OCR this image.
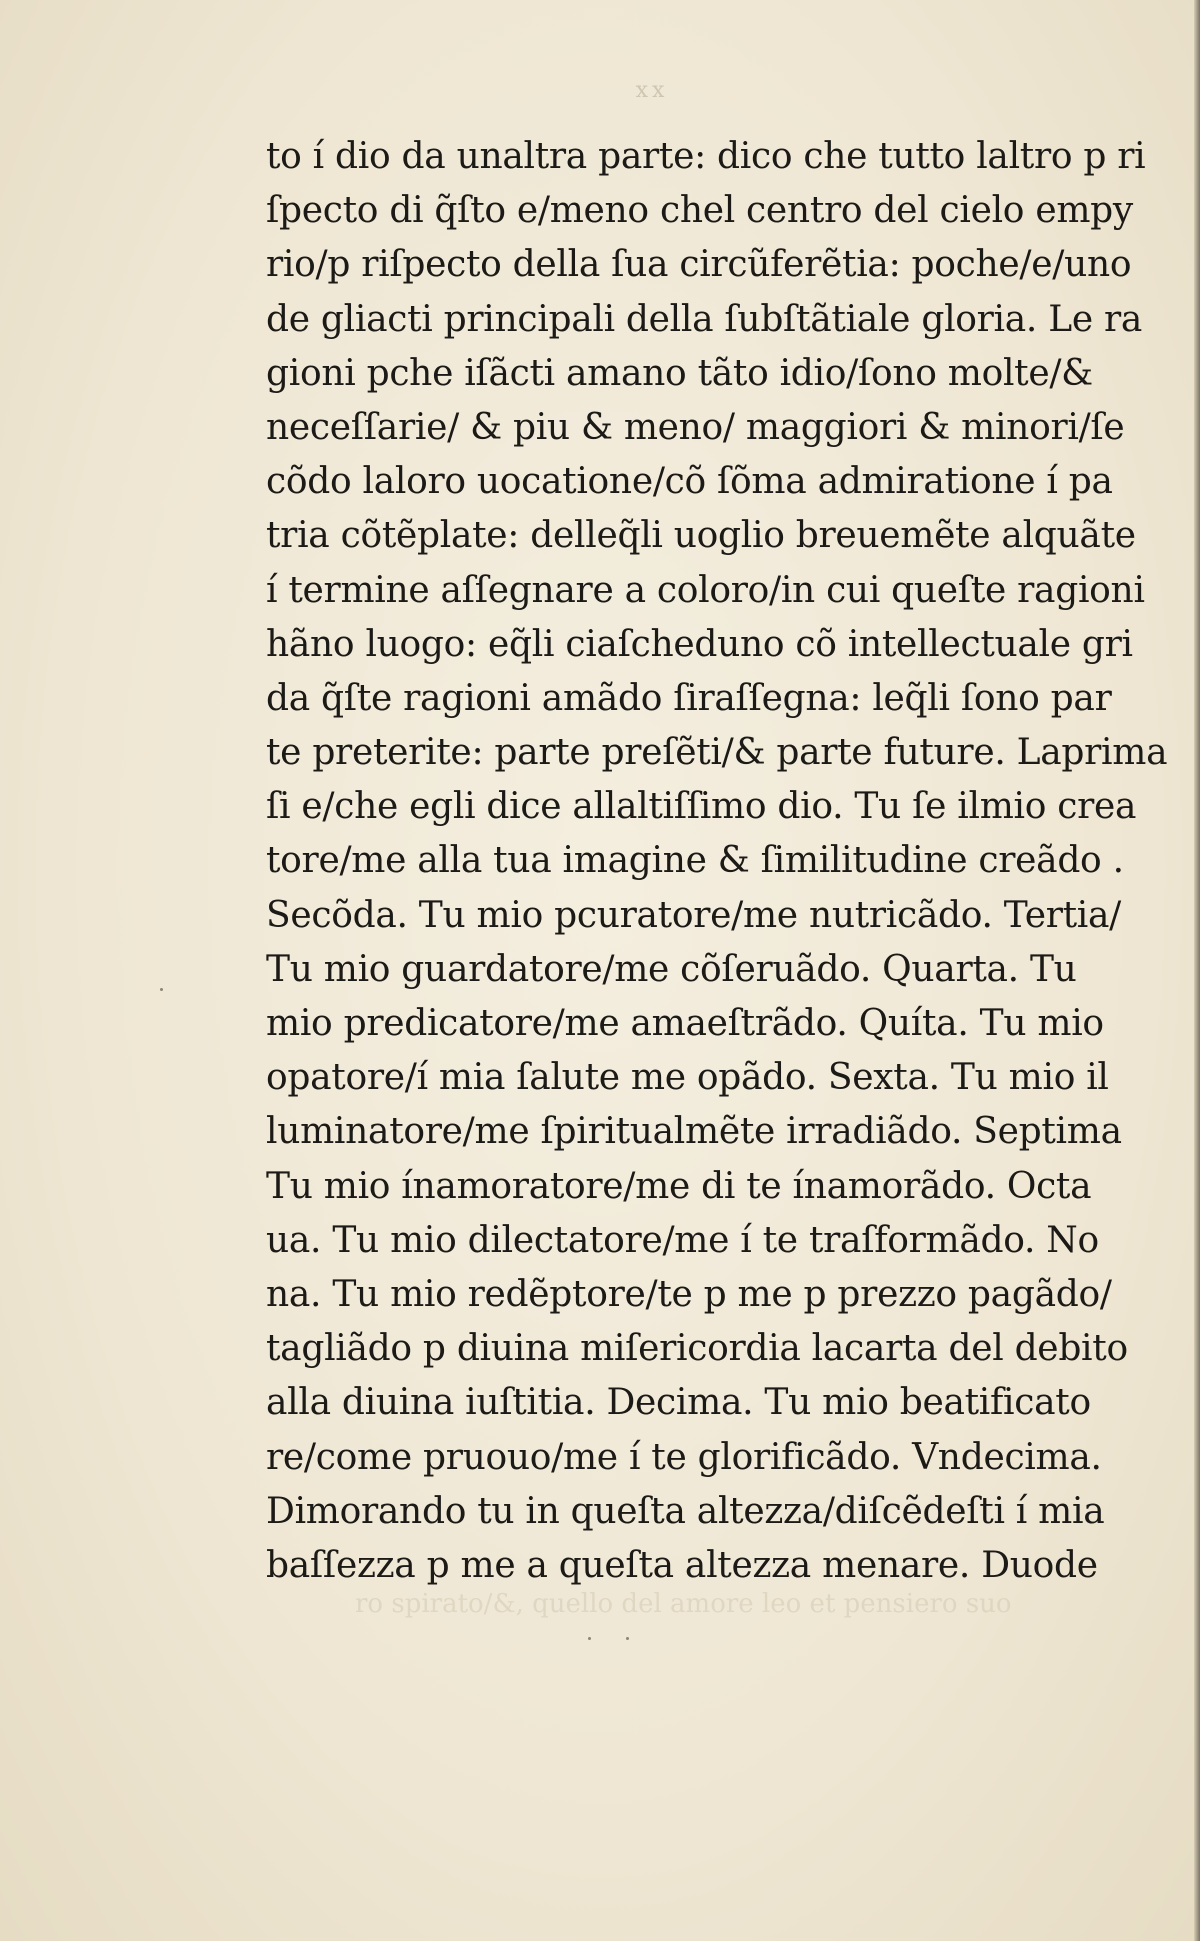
xx
to í dio da unaltra parte: dico che tutto laltro p ri
ſpecto di q̃ſto e/meno chel centro del cielo empy
rio/p riſpecto della ſua circũferẽtia: poche/e/uno
de gliacti principali della ſubſtãtiale gloria. Le ra
gioni pche iſãcti amano tãto idio/ſono molte/&
neceſſarie/ & piu & meno/ maggiori & minori/ſe
cõdo laloro uocatione/cõ ſõma admiratione í pa
tria cõtẽplate: delleq̃li uoglio breuemẽte alquãte
í termine aſſegnare a coloro/in cui queſte ragioni
hãno luogo: eq̃li ciaſcheduno cõ intellectuale gri
da q̃ſte ragioni amãdo ſiraſſegna: leq̃li ſono par
te preterite: parte preſẽti/& parte future. Laprima
ſi e/che egli dice allaltiſſimo dio. Tu ſe ilmio crea
tore/me alla tua imagine & ſimilitudine creãdo .
Secõda. Tu mio pcuratore/me nutricãdo. Tertia/
Tu mio guardatore/me cõſeruãdo. Quarta. Tu
mio predicatore/me amaeſtrãdo. Quíta. Tu mio
opatore/í mia ſalute me opãdo. Sexta. Tu mio il
luminatore/me ſpiritualmẽte irradiãdo. Septima
Tu mio ínamoratore/me di te ínamorãdo. Octa
ua. Tu mio dilectatore/me í te traſformãdo. No
na. Tu mio redẽptore/te p me p prezzo pagãdo/
tagliãdo p diuina miſericordia lacarta del debito
alla diuina iuſtitia. Decima. Tu mio beatificato
re/come pruouo/me í te glorificãdo. Vndecima.
Dimorando tu in queſta altezza/diſcẽdeſti í mia
baſſezza p me a queſta altezza menare. Duode
ro spirato/&, quello del amore leo et pensiero suo
